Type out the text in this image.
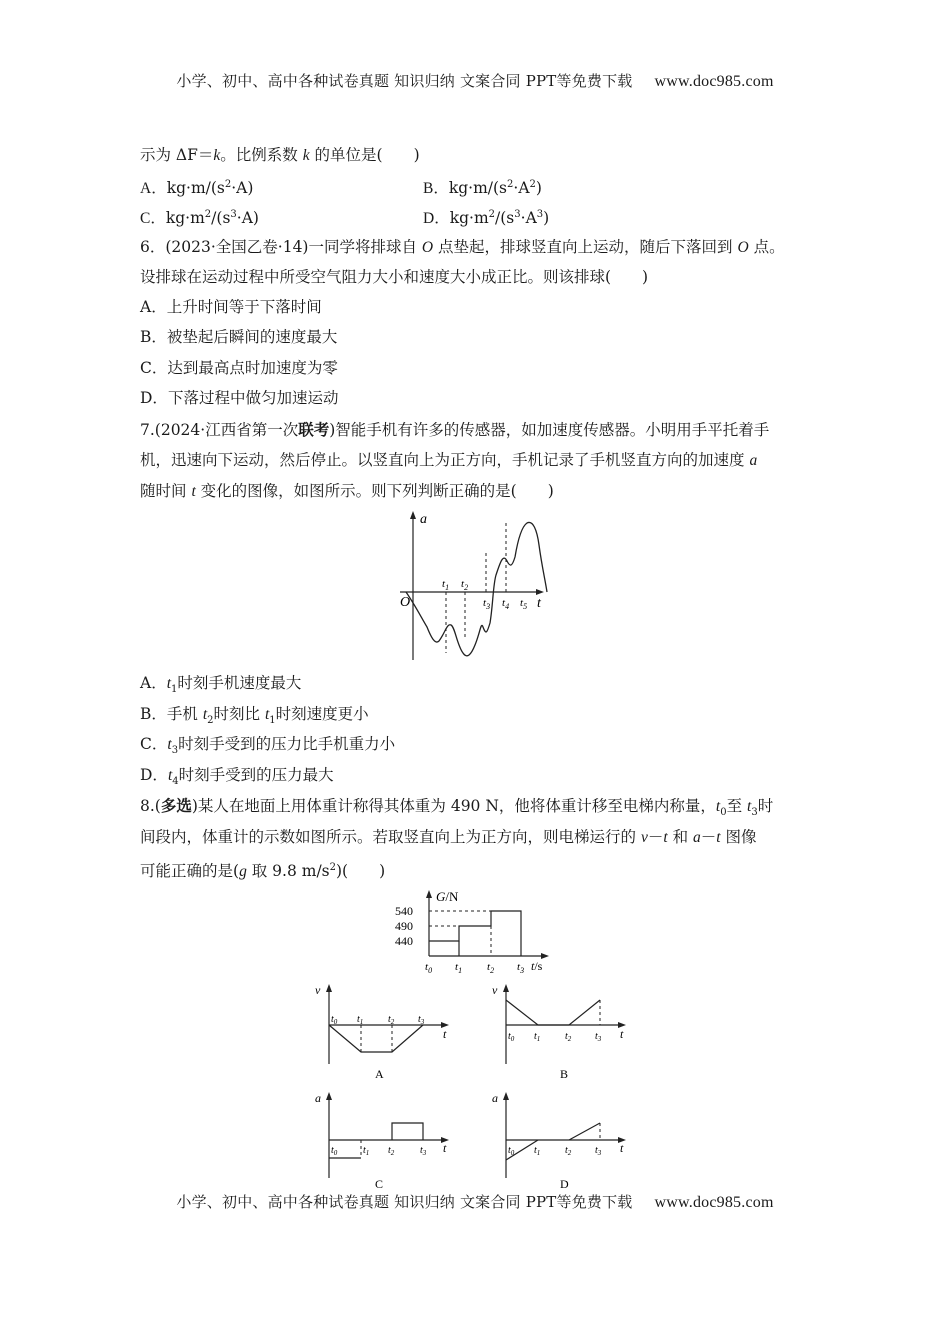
小学、初中、高中各种试卷真题 知识归纳 文案合同 PPT等免费下载 www.doc985.com
小学、初中、高中各种试卷真题 知识归纳 文案合同 PPT等免费下载 www.doc985.com
示为 ΔF＝k。比例系数 k 的单位是(　　)
A．$kg\cdot m/(s^2\cdot A)$	B．$kg\cdot m/(s^2\cdot A^2)$
C．$kg\cdot m^2/(s^3\cdot A)$	D．$kg\cdot m^2/(s^3\cdot A^3)$
6．(2023·全国乙卷·14)一同学将排球自 O 点垫起，排球竖直向上运动，随后下落回到 O 点。
设排球在运动过程中所受空气阻力大小和速度大小成正比。则该排球(　　)
A．上升时间等于下落时间
B．被垫起后瞬间的速度最大
C．达到最高点时加速度为零
D．下落过程中做匀加速运动
7.(2024·江西省第一次联考)智能手机有许多的传感器，如加速度传感器。小明用手平托着手
机，迅速向下运动，然后停止。以竖直向上为正方向，手机记录了手机竖直方向的加速度 a
随时间 t 变化的图像，如图所示。则下列判断正确的是(　　)
a
t
O
$t_1$ $t_2$
$t_3$ $t_4$ $t_5$
A．$t_1$时刻手机速度最大
B．手机 $t_2$时刻比 $t_1$时刻速度更小
C．$t_3$时刻手受到的压力比手机重力小
D．$t_4$时刻手受到的压力最大
8.(多选)某人在地面上用体重计称得其体重为 490 N，他将体重计移至电梯内称量，$t_0$至 $t_3$时
间段内，体重计的示数如图所示。若取竖直向上为正方向，则电梯运行的 v－t 和 a－t 图像
可能正确的是(g 取 9.8 $m/s^2$)(　　)
G/N
540
490
440
$t_0$ $t_1$ $t_2$ $t_3$ t/s
v
t
$t_0$ $t_1$ $t_2$ $t_3$
A
v
t
$t_0$ $t_1$ $t_2$ $t_3$
B
a
t
$t_0$	$t_1$ $t_2$	$t_3$
C
a
t
$t_0$ $t_1$ $t_2$ $t_3$
D
